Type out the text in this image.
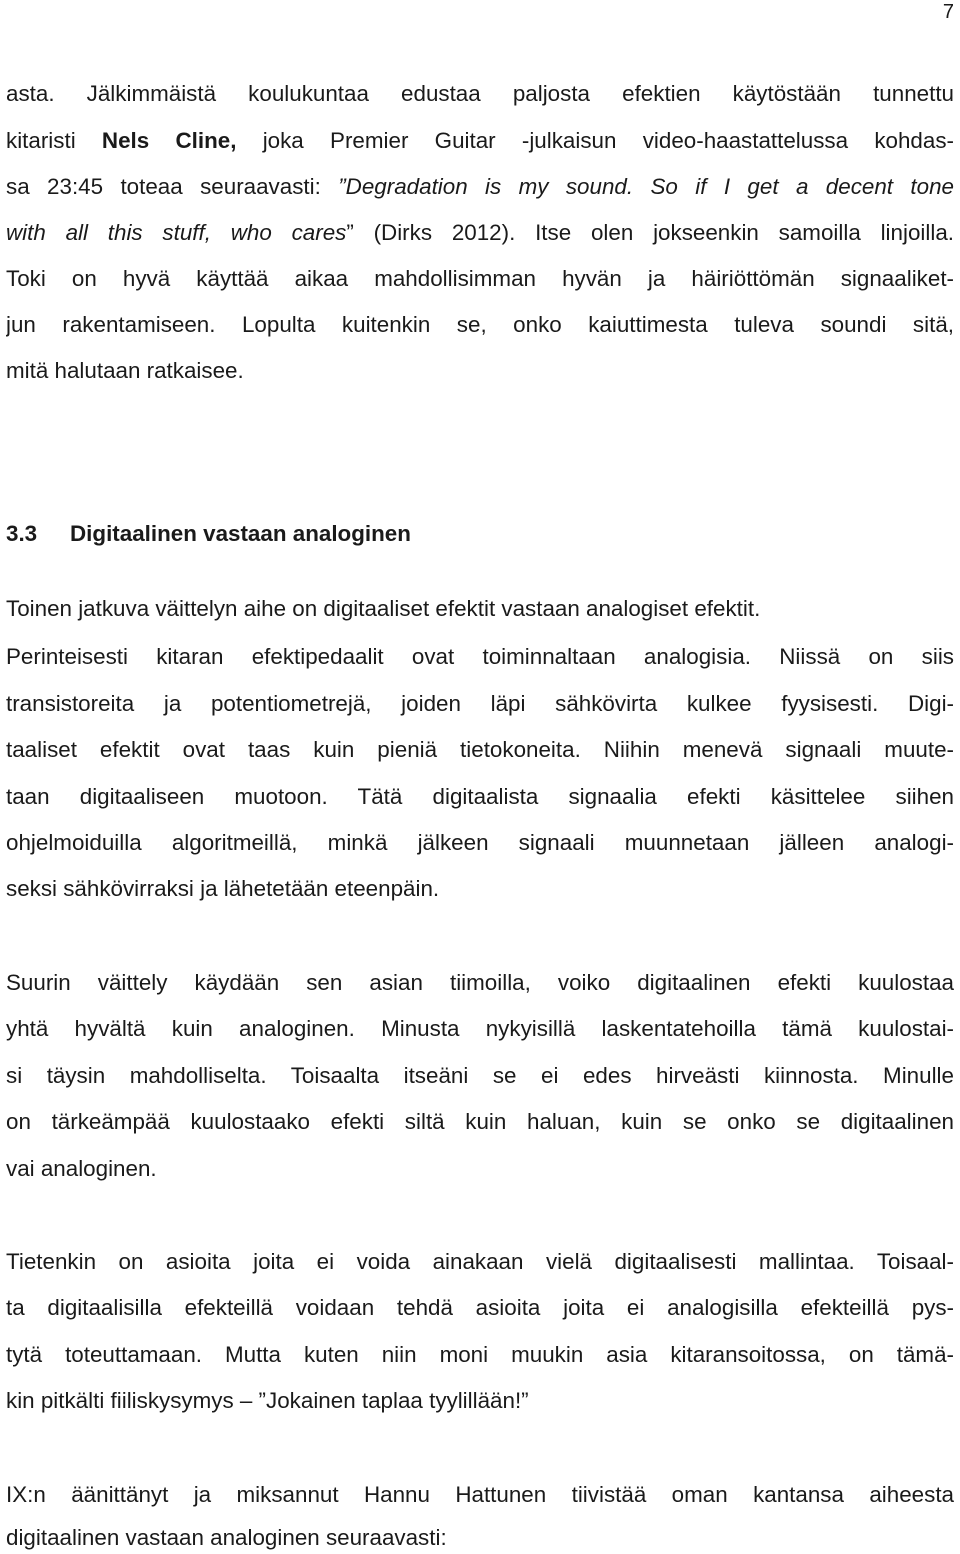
7
asta. Jälkimmäistä koulukuntaa edustaa paljosta efektien käytöstään tunnettu
kitaristi Nels Cline, joka Premier Guitar -julkaisun video-haastattelussa kohdas-
sa 23:45 toteaa seuraavasti: ”Degradation is my sound. So if I get a decent tone
with all this stuff, who cares” (Dirks 2012). Itse olen jokseenkin samoilla linjoilla.
Toki on hyvä käyttää aikaa mahdollisimman hyvän ja häiriöttömän signaaliket-
jun rakentamiseen. Lopulta kuitenkin se, onko kaiuttimesta tuleva soundi sitä,
mitä halutaan ratkaisee.
3.3 Digitaalinen vastaan analoginen
Toinen jatkuva väittelyn aihe on digitaaliset efektit vastaan analogiset efektit.
Perinteisesti kitaran efektipedaalit ovat toiminnaltaan analogisia. Niissä on siis
transistoreita ja potentiometrejä, joiden läpi sähkövirta kulkee fyysisesti. Digi-
taaliset efektit ovat taas kuin pieniä tietokoneita. Niihin menevä signaali muute-
taan digitaaliseen muotoon. Tätä digitaalista signaalia efekti käsittelee siihen
ohjelmoiduilla algoritmeillä, minkä jälkeen signaali muunnetaan jälleen analogi-
seksi sähkövirraksi ja lähetetään eteenpäin.
Suurin väittely käydään sen asian tiimoilla, voiko digitaalinen efekti kuulostaa
yhtä hyvältä kuin analoginen. Minusta nykyisillä laskentatehoilla tämä kuulostai-
si täysin mahdolliselta. Toisaalta itseäni se ei edes hirveästi kiinnosta. Minulle
on tärkeämpää kuulostaako efekti siltä kuin haluan, kuin se onko se digitaalinen
vai analoginen.
Tietenkin on asioita joita ei voida ainakaan vielä digitaalisesti mallintaa. Toisaal-
ta digitaalisilla efekteillä voidaan tehdä asioita joita ei analogisilla efekteillä pys-
tytä toteuttamaan. Mutta kuten niin moni muukin asia kitaransoitossa, on tämä-
kin pitkälti fiiliskysymys – ”Jokainen taplaa tyylillään!”
IX:n äänittänyt ja miksannut Hannu Hattunen tiivistää oman kantansa aiheesta
digitaalinen vastaan analoginen seuraavasti:
